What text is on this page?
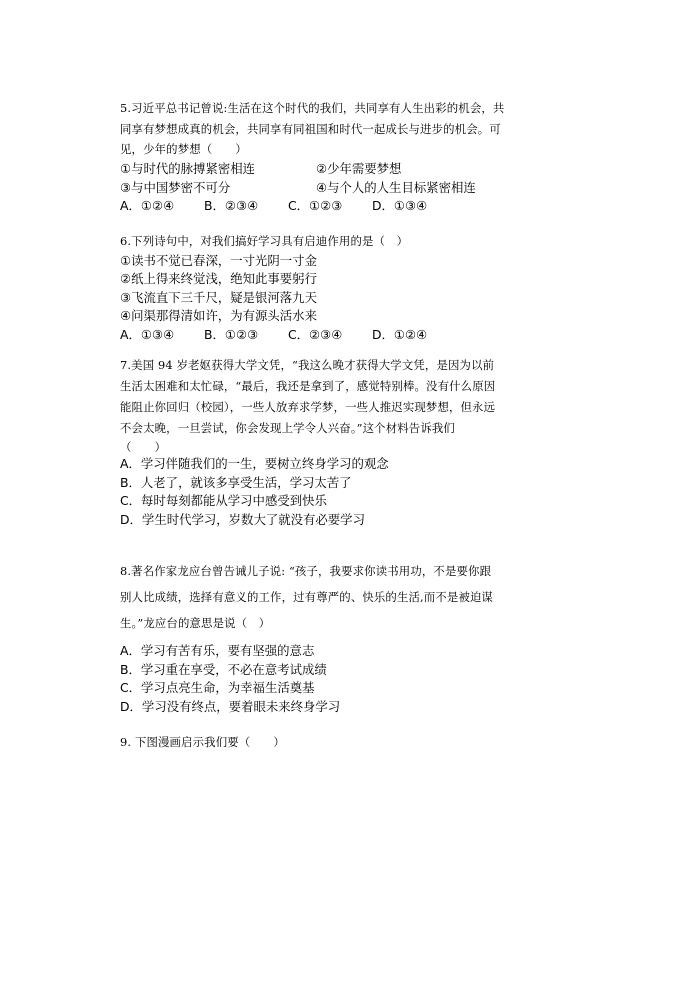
5.习近平总书记曾说:生活在这个时代的我们，共同享有人生出彩的机会，共

同享有梦想成真的机会，共同享有同祖国和时代一起成长与进步的机会。可

见，少年的梦想（　　）

①与时代的脉搏紧密相连	②少年需要梦想
③与中国梦密不可分	④与个人的人生目标紧密相连
A．①②④ B．②③④ C．①②③ D．①③④

6.下列诗句中，对我们搞好学习具有启迪作用的是（　）

①读书不觉已春深，一寸光阴一寸金

②纸上得来终觉浅，绝知此事要躬行

③飞流直下三千尺，疑是银河落九天

④问渠那得清如许，为有源头活水来

A．①③④ B．①②③ C．②③④ D．①②④

7.美国 94 岁老妪获得大学文凭，“我这么晚才获得大学文凭，是因为以前

生活太困难和太忙碌，“最后，我还是拿到了，感觉特别棒。没有什么原因

能阻止你回归（校园），一些人放弃求学梦，一些人推迟实现梦想，但永远

不会太晚，一旦尝试，你会发现上学令人兴奋。”这个材料告诉我们

（　　）

A．学习伴随我们的一生，要树立终身学习的观念

B．人老了，就该多享受生活，学习太苦了

C．每时每刻都能从学习中感受到快乐

D．学生时代学习，岁数大了就没有必要学习

8.著名作家龙应台曾告诫儿子说: “孩子，我要求你读书用功，不是要你跟

别人比成绩，选择有意义的工作，过有尊严的、快乐的生活,而不是被迫谋

生。”龙应台的意思是说（　）

A．学习有苦有乐，要有坚强的意志

B．学习重在享受，不必在意考试成绩

C．学习点亮生命，为幸福生活奠基

D．学习没有终点，要着眼未来终身学习

9. 下图漫画启示我们要（　　）
